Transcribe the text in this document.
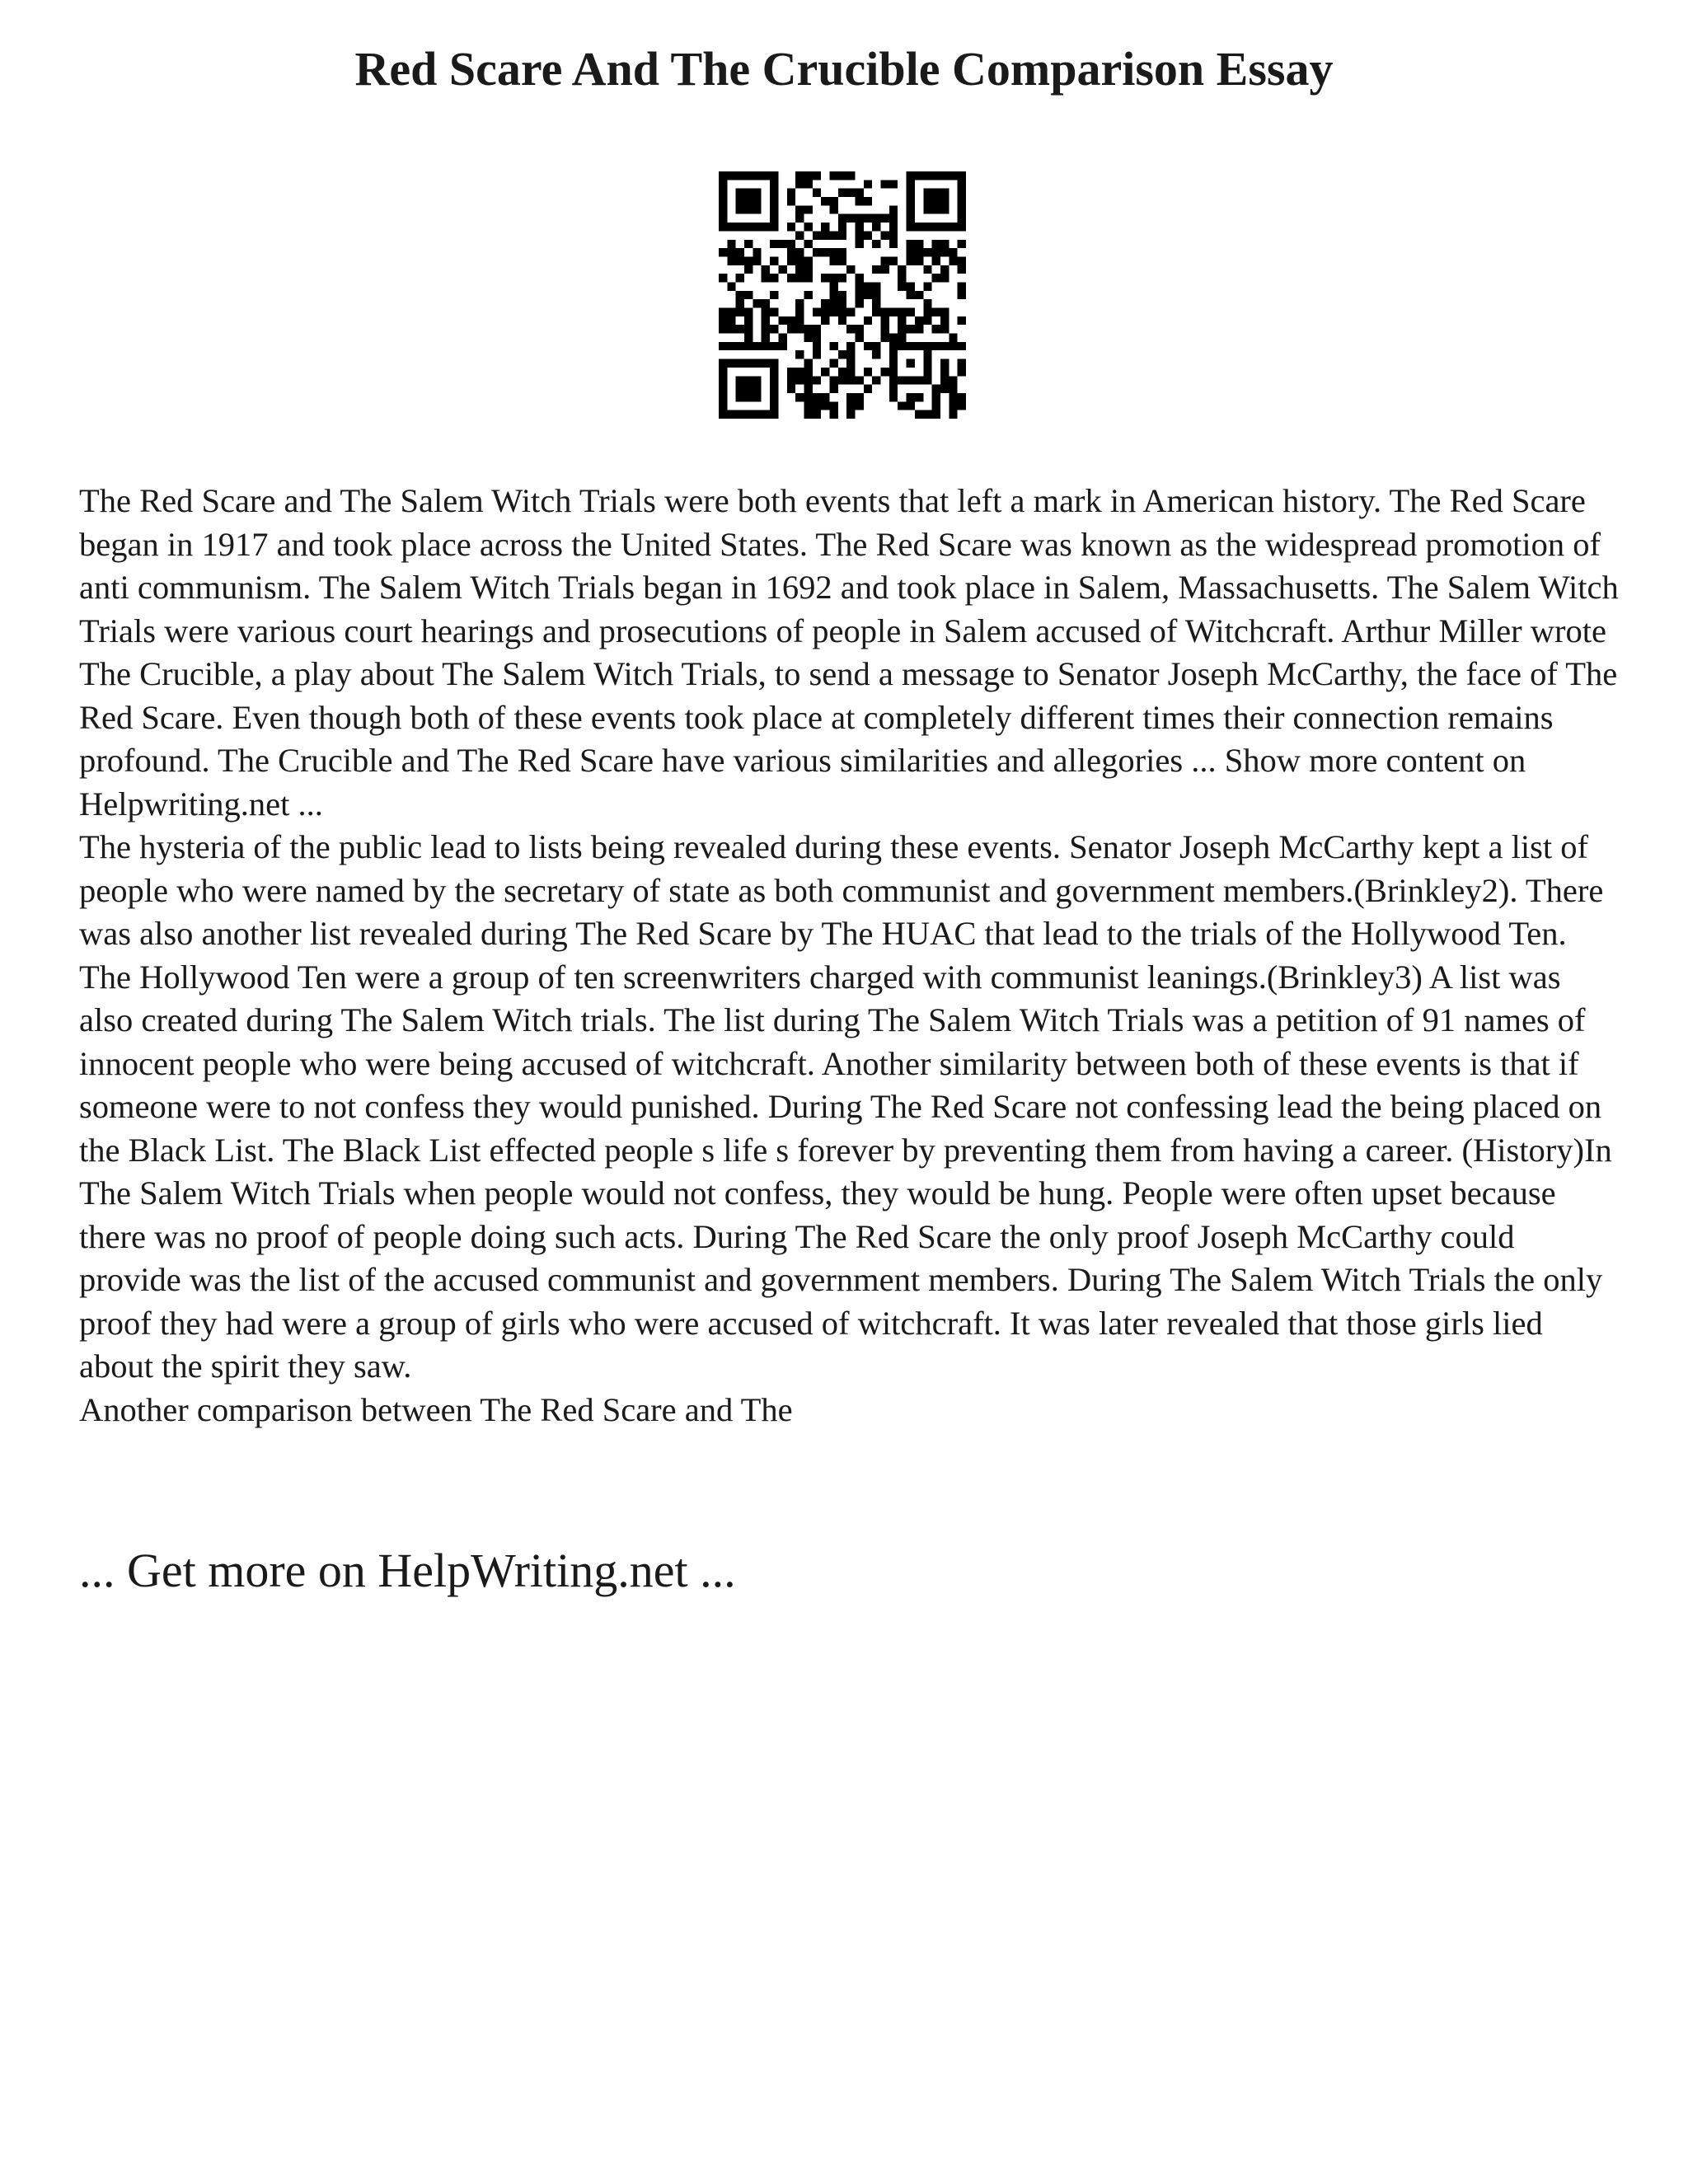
Red Scare And The Crucible Comparison Essay

The Red Scare and The Salem Witch Trials were both events that left a mark in American history. The Red Scare began in 1917 and took place across the United States. The Red Scare was known as the widespread promotion of anti communism. The Salem Witch Trials began in 1692 and took place in Salem, Massachusetts. The Salem Witch Trials were various court hearings and prosecutions of people in Salem accused of Witchcraft. Arthur Miller wrote The Crucible, a play about The Salem Witch Trials, to send a message to Senator Joseph McCarthy, the face of The Red Scare. Even though both of these events took place at completely different times their connection remains profound. The Crucible and The Red Scare have various similarities and allegories ... Show more content on Helpwriting.net ...

The hysteria of the public lead to lists being revealed during these events. Senator Joseph McCarthy kept a list of people who were named by the secretary of state as both communist and government members.(Brinkley2). There was also another list revealed during The Red Scare by The HUAC that lead to the trials of the Hollywood Ten. The Hollywood Ten were a group of ten screenwriters charged with communist leanings.(Brinkley3) A list was also created during The Salem Witch trials. The list during The Salem Witch Trials was a petition of 91 names of innocent people who were being accused of witchcraft. Another similarity between both of these events is that if someone were to not confess they would punished. During The Red Scare not confessing lead the being placed on the Black List. The Black List effected people s life s forever by preventing them from having a career. (History)In The Salem Witch Trials when people would not confess, they would be hung. People were often upset because there was no proof of people doing such acts. During The Red Scare the only proof Joseph McCarthy could provide was the list of the accused communist and government members. During The Salem Witch Trials the only proof they had were a group of girls who were accused of witchcraft. It was later revealed that those girls lied about the spirit they saw.

Another comparison between The Red Scare and The

... Get more on HelpWriting.net ...
